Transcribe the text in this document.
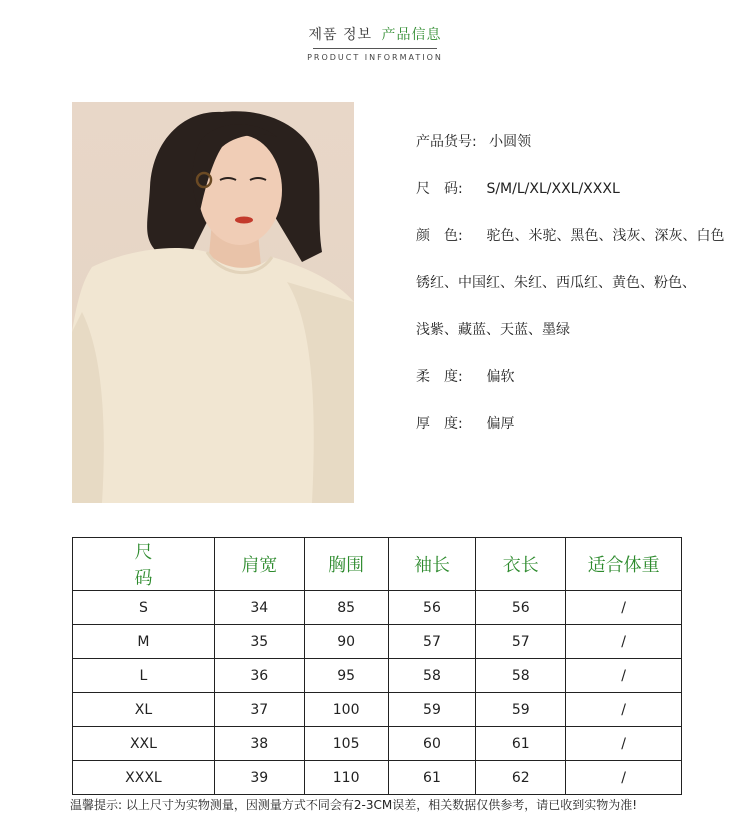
제품 정보 产品信息
PRODUCT INFORMATION
产品货号: 小圆领
尺　码: S/M/L/XL/XXL/XXXL
颜　色: 驼色、米驼、黑色、浅灰、深灰、白色
锈红、中国红、朱红、西瓜红、黄色、粉色、
浅紫、藏蓝、天蓝、墨绿
柔　度: 偏软
厚　度: 偏厚
尺码	肩宽	胸围	袖长	衣长	适合体重
S	34	85	56	56	/
M	35	90	57	57	/
L	36	95	58	58	/
XL	37	100	59	59	/
XXL	38	105	60	61	/
XXXL	39	110	61	62	/
温馨提示: 以上尺寸为实物测量，因测量方式不同会有2-3CM误差，相关数据仅供参考，请已收到实物为准!
